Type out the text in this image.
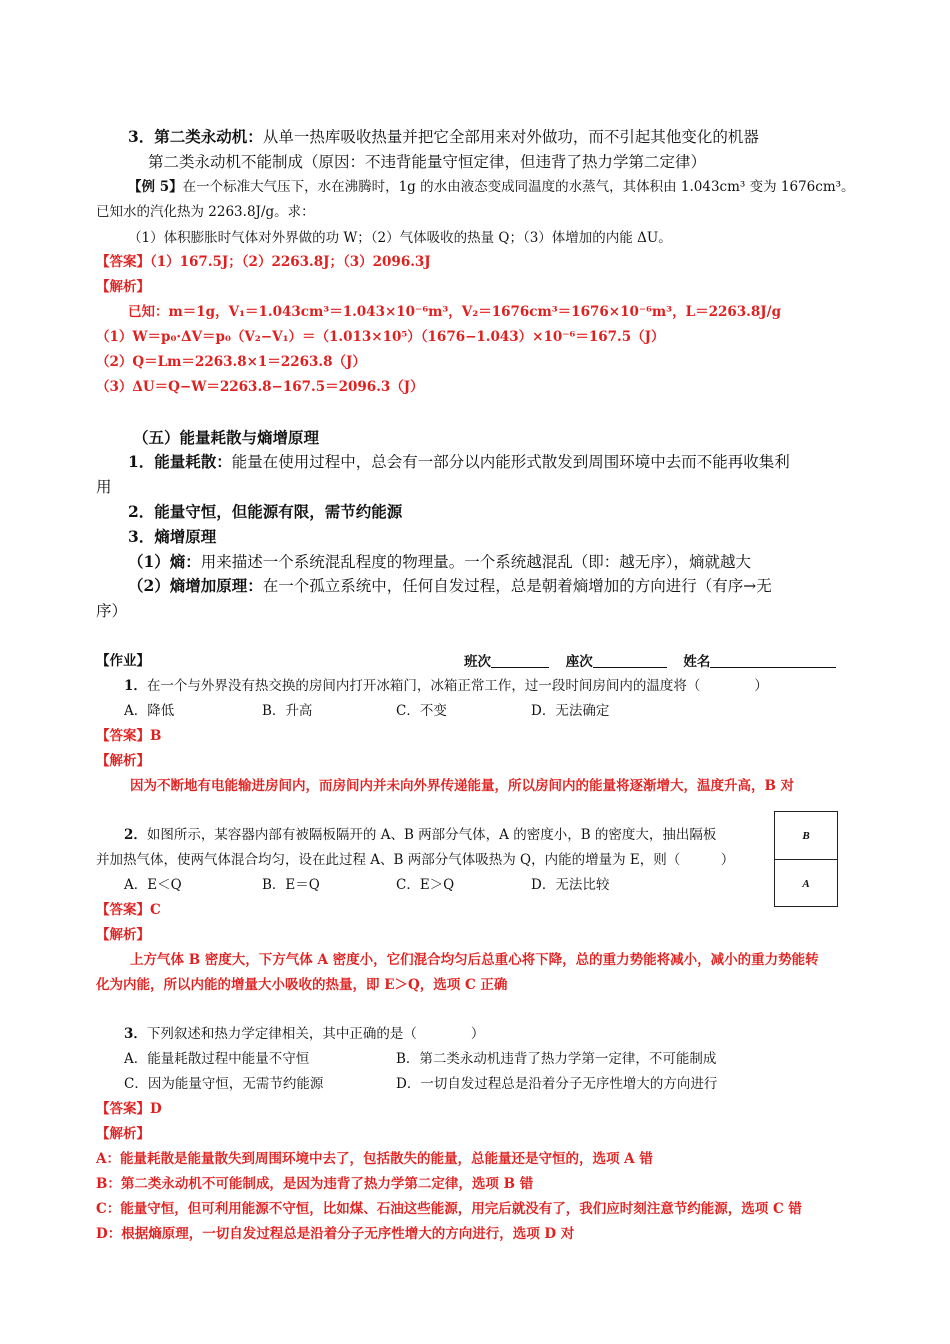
3．第二类永动机：从单一热库吸收热量并把它全部用来对外做功，而不引起其他变化的机器
第二类永动机不能制成（原因：不违背能量守恒定律，但违背了热力学第二定律）
【例 5】在一个标准大气压下，水在沸腾时，1g 的水由液态变成同温度的水蒸气，其体积由 1.043cm³ 变为 1676cm³。
已知水的汽化热为 2263.8J/g。求：
（1）体积膨胀时气体对外界做的功 W；（2）气体吸收的热量 Q；（3）体增加的内能 ΔU。
【答案】（1）167.5J；（2）2263.8J；（3）2096.3J
【解析】
已知：m＝1g，V₁＝1.043cm³＝1.043×10⁻⁶m³，V₂＝1676cm³＝1676×10⁻⁶m³，L＝2263.8J/g
（1）W＝p₀·ΔV＝p₀（V₂−V₁）＝（1.013×10⁵）（1676−1.043）×10⁻⁶＝167.5（J）
（2）Q＝Lm＝2263.8×1＝2263.8（J）
（3）ΔU＝Q−W＝2263.8−167.5＝2096.3（J）
（五）能量耗散与熵增原理
1．能量耗散：能量在使用过程中，总会有一部分以内能形式散发到周围环境中去而不能再收集利
用
2．能量守恒，但能源有限，需节约能源
3．熵增原理
（1）熵：用来描述一个系统混乱程度的物理量。一个系统越混乱（即：越无序），熵就越大
（2）熵增加原理：在一个孤立系统中，任何自发过程，总是朝着熵增加的方向进行（有序→无
序）
【作业】	班次	座次	姓名
1．在一个与外界没有热交换的房间内打开冰箱门，冰箱正常工作，过一段时间房间内的温度将（　　　　）
A．降低	B．升高	C．不变	D．无法确定
【答案】B
【解析】
因为不断地有电能输进房间内，而房间内并未向外界传递能量，所以房间内的能量将逐渐增大，温度升高，B 对
2．如图所示，某容器内部有被隔板隔开的 A、B 两部分气体，A 的密度小，B 的密度大，抽出隔板
并加热气体，使两气体混合均匀，设在此过程 A、B 两部分气体吸热为 Q，内能的增量为 E，则（　　　）
A．E＜Q	B．E＝Q	C．E＞Q	D．无法比较
B
A
【答案】C
【解析】
上方气体 B 密度大，下方气体 A 密度小，它们混合均匀后总重心将下降，总的重力势能将减小，减小的重力势能转
化为内能，所以内能的增量大小吸收的热量，即 E＞Q，选项 C 正确
3．下列叙述和热力学定律相关，其中正确的是（　　　　）
A．能量耗散过程中能量不守恒	B．第二类永动机违背了热力学第一定律，不可能制成
C．因为能量守恒，无需节约能源	D．一切自发过程总是沿着分子无序性增大的方向进行
【答案】D
【解析】
A：能量耗散是能量散失到周围环境中去了，包括散失的能量，总能量还是守恒的，选项 A 错
B：第二类永动机不可能制成，是因为违背了热力学第二定律，选项 B 错
C：能量守恒，但可利用能源不守恒，比如煤、石油这些能源，用完后就没有了，我们应时刻注意节约能源，选项 C 错
D：根据熵原理，一切自发过程总是沿着分子无序性增大的方向进行，选项 D 对
